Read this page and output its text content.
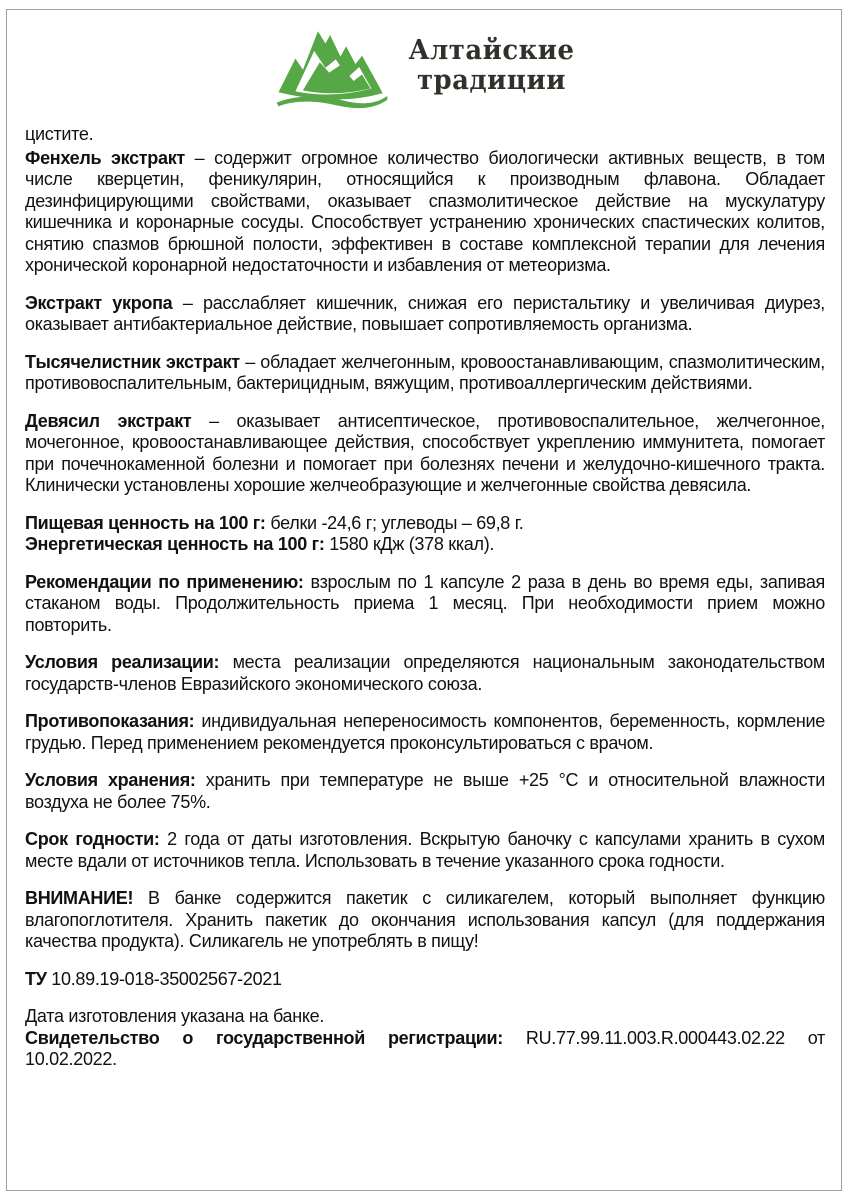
Алтайские
традиции

цистите.

Фенхель экстракт – содержит огромное количество биологически активных веществ, в том числе кверцетин, феникулярин, относящийся к производным флавона. Обладает дезинфицирующими свойствами, оказывает спазмолитическое действие на мускулатуру кишечника и коронарные сосуды. Способствует устранению хронических спастических колитов, снятию спазмов брюшной полости, эффективен в составе комплексной терапии для лечения хронической коронарной недостаточности и избавления от метеоризма.

Экстракт укропа – расслабляет кишечник, снижая его перистальтику и увеличивая диурез, оказывает антибактериальное действие, повышает сопротивляемость организма.

Тысячелистник экстракт – обладает желчегонным, кровоостанавливающим, спазмолитическим, противовоспалительным, бактерицидным, вяжущим, противоаллергическим действиями.

Девясил экстракт – оказывает антисептическое, противовоспалительное, желчегонное, мочегонное, кровоостанавливающее действия, способствует укреплению иммунитета, помогает при почечнокаменной болезни и помогает при болезнях печени и желудочно-кишечного тракта. Клинически установлены хорошие желчеобразующие и желчегонные свойства девясила.

Пищевая ценность на 100 г: белки -24,6 г; углеводы – 69,8 г.

Энергетическая ценность на 100 г: 1580 кДж (378 ккал).

Рекомендации по применению: взрослым по 1 капсуле 2 раза в день во время еды, запивая стаканом воды. Продолжительность приема 1 месяц. При необходимости прием можно повторить.

Условия реализации: места реализации определяются национальным законодательством государств-членов Евразийского экономического союза.

Противопоказания: индивидуальная непереносимость компонентов, беременность, кормление грудью. Перед применением рекомендуется проконсультироваться с врачом.

Условия хранения: хранить при температуре не выше +25 °С и относительной влажности воздуха не более 75%.

Срок годности: 2 года от даты изготовления. Вскрытую баночку с капсулами хранить в сухом месте вдали от источников тепла. Использовать в течение указанного срока годности.

ВНИМАНИЕ! В банке содержится пакетик с силикагелем, который выполняет функцию влагопоглотителя. Хранить пакетик до окончания использования капсул (для поддержания качества продукта). Силикагель не употреблять в пищу!

ТУ 10.89.19-018-35002567-2021

Дата изготовления указана на банке.

Свидетельство о государственной регистрации: RU.77.99.11.003.R.000443.02.22 от 10.02.2022.
